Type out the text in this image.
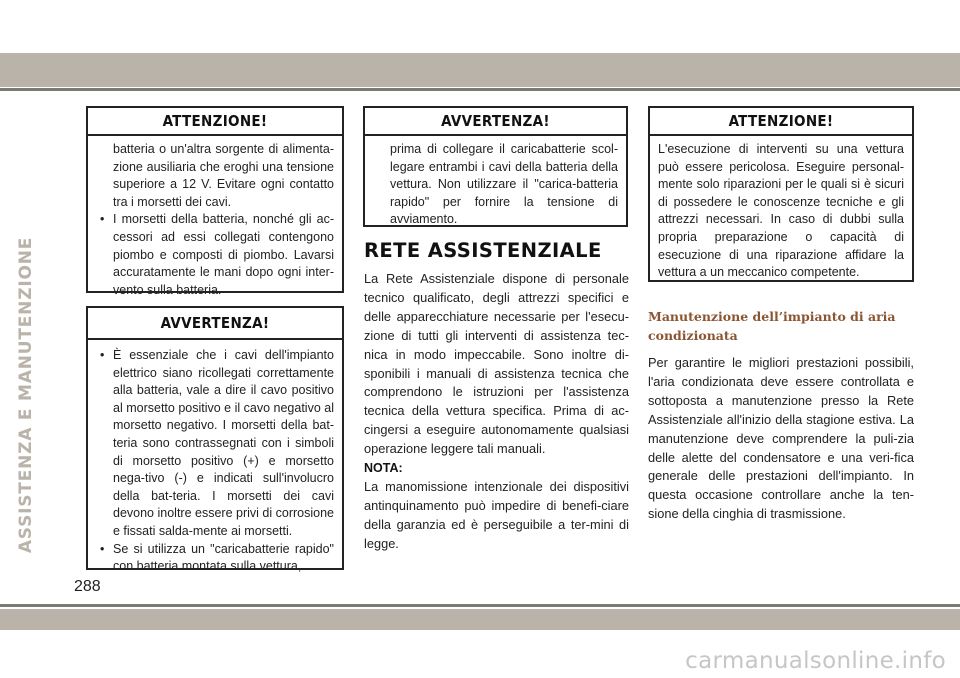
ASSISTENZA E MANUTENZIONE
ATTENZIONE!

batteria o un'altra sorgente di alimenta-zione ausiliaria che eroghi una tensione superiore a 12 V. Evitare ogni contatto tra i morsetti dei cavi.

• I morsetti della batteria, nonché gli ac-cessori ad essi collegati contengono piombo e composti di piombo. Lavarsi accuratamente le mani dopo ogni inter-vento sulla batteria.
AVVERTENZA!
• È essenziale che i cavi dell'impianto elettrico siano ricollegati correttamente alla batteria, vale a dire il cavo positivo al morsetto positivo e il cavo negativo al morsetto negativo. I morsetti della bat-teria sono contrassegnati con i simboli di morsetto positivo (+) e morsetto nega-tivo (-) e indicati sull'involucro della bat-teria. I morsetti dei cavi devono inoltre essere privi di corrosione e fissati salda-mente ai morsetti.
• Se si utilizza un "caricabatterie rapido" con batteria montata sulla vettura,
AVVERTENZA!

prima di collegare il caricabatterie scol-legare entrambi i cavi della batteria della vettura. Non utilizzare il "carica-batteria rapido" per fornire la tensione di avviamento.

RETE ASSISTENZIALE
La Rete Assistenziale dispone di personale tecnico qualificato, degli attrezzi specifici e delle apparecchiature necessarie per l'esecu-zione di tutti gli interventi di assistenza tec-nica in modo impeccabile. Sono inoltre di-sponibili i manuali di assistenza tecnica che comprendono le istruzioni per l'assistenza tecnica della vettura specifica. Prima di ac-cingersi a eseguire autonomamente qualsiasi operazione leggere tali manuali.
NOTA:
La manomissione intenzionale dei dispositivi antinquinamento può impedire di benefi-ciare della garanzia ed è perseguibile a ter-mini di legge.
ATTENZIONE!

L'esecuzione di interventi su una vettura può essere pericolosa. Eseguire personal-mente solo riparazioni per le quali si è sicuri di possedere le conoscenze tecniche e gli attrezzi necessari. In caso di dubbi sulla propria preparazione o capacità di esecuzione di una riparazione affidare la vettura a un meccanico competente.

Manutenzione dell’impianto di aria condizionata
Per garantire le migliori prestazioni possibili, l'aria condizionata deve essere controllata e sottoposta a manutenzione presso la Rete Assistenziale all'inizio della stagione estiva. La manutenzione deve comprendere la puli-zia delle alette del condensatore e una veri-fica generale delle prestazioni dell'impianto. In questa occasione controllare anche la ten-sione della cinghia di trasmissione.
288
carmanualsonline.info
